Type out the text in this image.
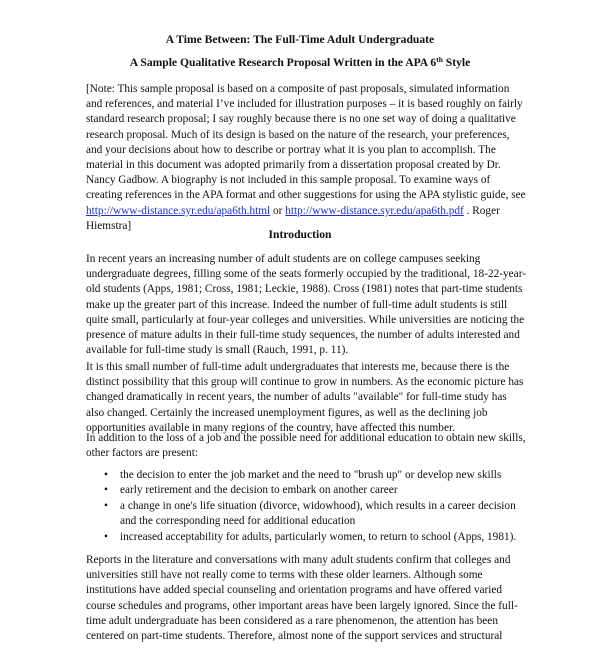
A Time Between: The Full-Time Adult Undergraduate
A Sample Qualitative Research Proposal Written in the APA 6th Style
[Note: This sample proposal is based on a composite of past proposals, simulated information and references, and material I’ve included for illustration purposes – it is based roughly on fairly standard research proposal; I say roughly because there is no one set way of doing a qualitative research proposal. Much of its design is based on the nature of the research, your preferences, and your decisions about how to describe or portray what it is you plan to accomplish. The material in this document was adopted primarily from a dissertation proposal created by Dr. Nancy Gadbow. A biography is not included in this sample proposal. To examine ways of creating references in the APA format and other suggestions for using the APA stylistic guide, see http://www-distance.syr.edu/apa6th.html or http://www-distance.syr.edu/apa6th.pdf . Roger Hiemstra]
Introduction
In recent years an increasing number of adult students are on college campuses seeking undergraduate degrees, filling some of the seats formerly occupied by the traditional, 18-22-year-old students (Apps, 1981; Cross, 1981; Leckie, 1988). Cross (1981) notes that part-time students make up the greater part of this increase. Indeed the number of full-time adult students is still quite small, particularly at four-year colleges and universities. While universities are noticing the presence of mature adults in their full-time study sequences, the number of adults interested and available for full-time study is small (Rauch, 1991, p. 11).
It is this small number of full-time adult undergraduates that interests me, because there is the distinct possibility that this group will continue to grow in numbers. As the economic picture has changed dramatically in recent years, the number of adults "available" for full-time study has also changed. Certainly the increased unemployment figures, as well as the declining job opportunities available in many regions of the country, have affected this number.
In addition to the loss of a job and the possible need for additional education to obtain new skills, other factors are present:
• the decision to enter the job market and the need to "brush up" or develop new skills
• early retirement and the decision to embark on another career
• a change in one's life situation (divorce, widowhood), which results in a career decision and the corresponding need for additional education
• increased acceptability for adults, particularly women, to return to school (Apps, 1981).
Reports in the literature and conversations with many adult students confirm that colleges and universities still have not really come to terms with these older learners. Although some institutions have added special counseling and orientation programs and have offered varied course schedules and programs, other important areas have been largely ignored. Since the full-time adult undergraduate has been considered as a rare phenomenon, the attention has been centered on part-time students. Therefore, almost none of the support services and structural
